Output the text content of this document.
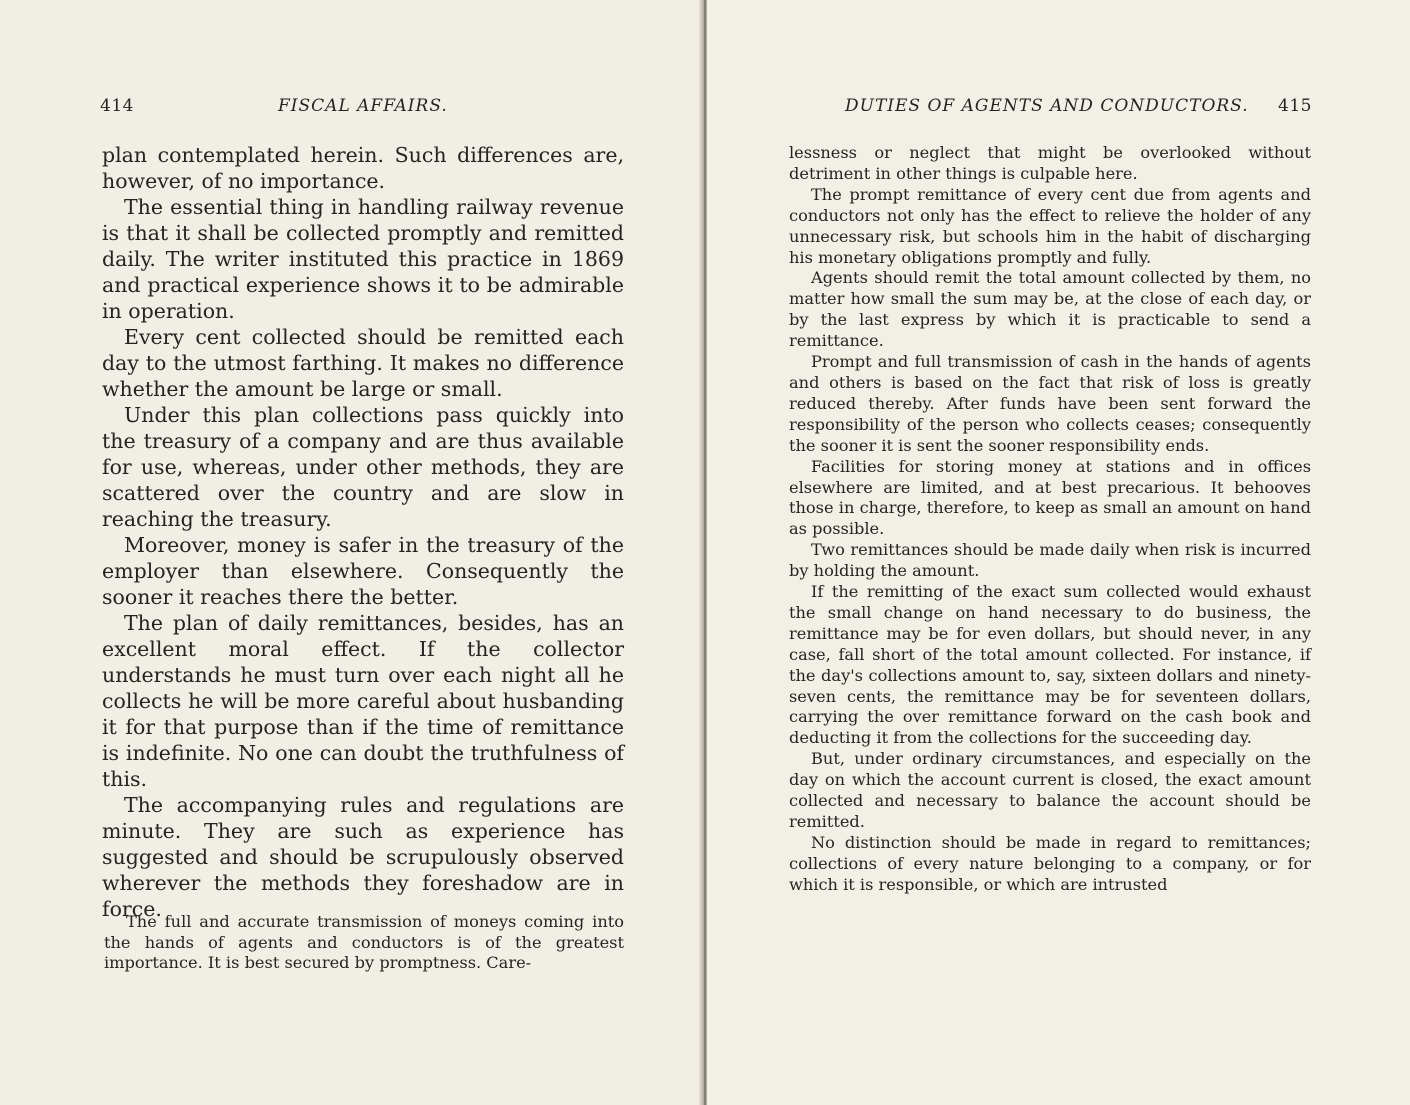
414	FISCAL AFFAIRS.

plan contemplated herein. Such differences are, however, of no importance.

The essential thing in handling railway revenue is that it shall be collected promptly and remitted daily. The writer instituted this practice in 1869 and practical experience shows it to be admirable in operation.

Every cent collected should be remitted each day to the utmost farthing. It makes no difference whether the amount be large or small.

Under this plan collections pass quickly into the treasury of a company and are thus available for use, whereas, under other methods, they are scattered over the country and are slow in reaching the treasury.

Moreover, money is safer in the treasury of the employer than elsewhere. Consequently the sooner it reaches there the better.

The plan of daily remittances, besides, has an excellent moral effect. If the collector understands he must turn over each night all he collects he will be more careful about husbanding it for that purpose than if the time of remittance is indefinite. No one can doubt the truthfulness of this.

The accompanying rules and regulations are minute. They are such as experience has suggested and should be scrupulously observed wherever the methods they foreshadow are in force.

The full and accurate transmission of moneys coming into the hands of agents and conductors is of the greatest importance. It is best secured by promptness. Care-

DUTIES OF AGENTS AND CONDUCTORS. 415

lessness or neglect that might be overlooked without detriment in other things is culpable here.

The prompt remittance of every cent due from agents and conductors not only has the effect to relieve the holder of any unnecessary risk, but schools him in the habit of discharging his monetary obligations promptly and fully.

Agents should remit the total amount collected by them, no matter how small the sum may be, at the close of each day, or by the last express by which it is practicable to send a remittance.

Prompt and full transmission of cash in the hands of agents and others is based on the fact that risk of loss is greatly reduced thereby. After funds have been sent forward the responsibility of the person who collects ceases; consequently the sooner it is sent the sooner responsibility ends.

Facilities for storing money at stations and in offices elsewhere are limited, and at best precarious. It behooves those in charge, therefore, to keep as small an amount on hand as possible.

Two remittances should be made daily when risk is incurred by holding the amount.

If the remitting of the exact sum collected would exhaust the small change on hand necessary to do business, the remittance may be for even dollars, but should never, in any case, fall short of the total amount collected. For instance, if the day's collections amount to, say, sixteen dollars and ninety-seven cents, the remittance may be for seventeen dollars, carrying the over remittance forward on the cash book and deducting it from the collections for the succeeding day.

But, under ordinary circumstances, and especially on the day on which the account current is closed, the exact amount collected and necessary to balance the account should be remitted.

No distinction should be made in regard to remittances; collections of every nature belonging to a company, or for which it is responsible, or which are intrusted
